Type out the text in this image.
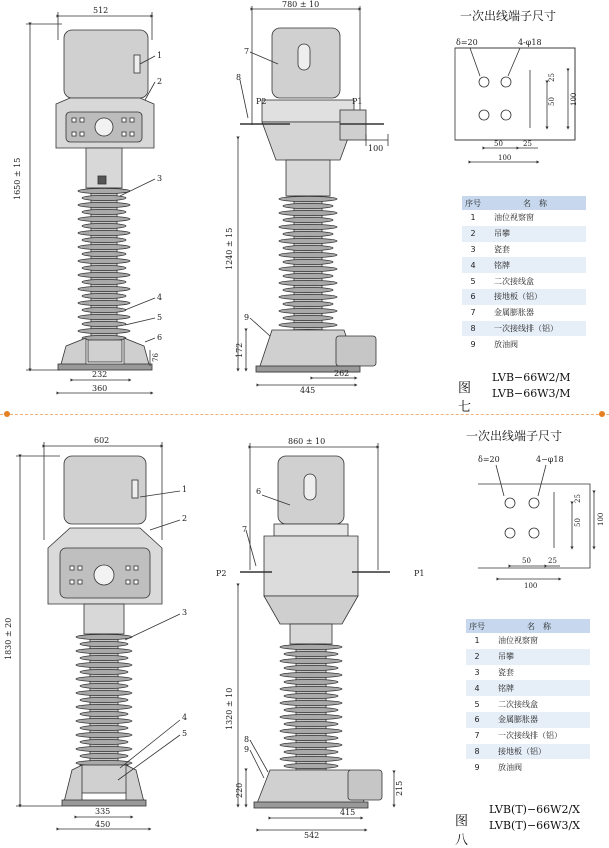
512
1650 ± 15
232
360
76
1
2
3
4
5
6
780 ± 10
100
1240 ± 15
172
445
262
7
8
9
P2	P1
一次出线端子尺寸
δ=20	4-φ18
25
50 100
50	25
100
602
1830 ± 20
335
450
1
2
3
4
5
860 ± 10
1320 ± 10
220	215
415
542
6
7
8
9
P2	P1
一次出线端子尺寸
δ=20	4−φ18
25
50 100
50 25
100
序号	名　称
1	油位视察窗
2	吊攀
3	瓷套
4	铭牌
5	二次接线盒
6	接地板（铝）
7	金属膨胀器
8	一次接线排（铝）
9	放油阀
序号	名　称
1	油位视察窗
2	吊攀
3	瓷套
4	铭牌
5	二次接线盒
6	金属膨胀器
7	一次接线排（铝）
8	接地板（铝）
9	放油阀
图七
LVB−66W2/M
LVB−66W3/M
图八
LVB(T)−66W2/X
LVB(T)−66W3/X
